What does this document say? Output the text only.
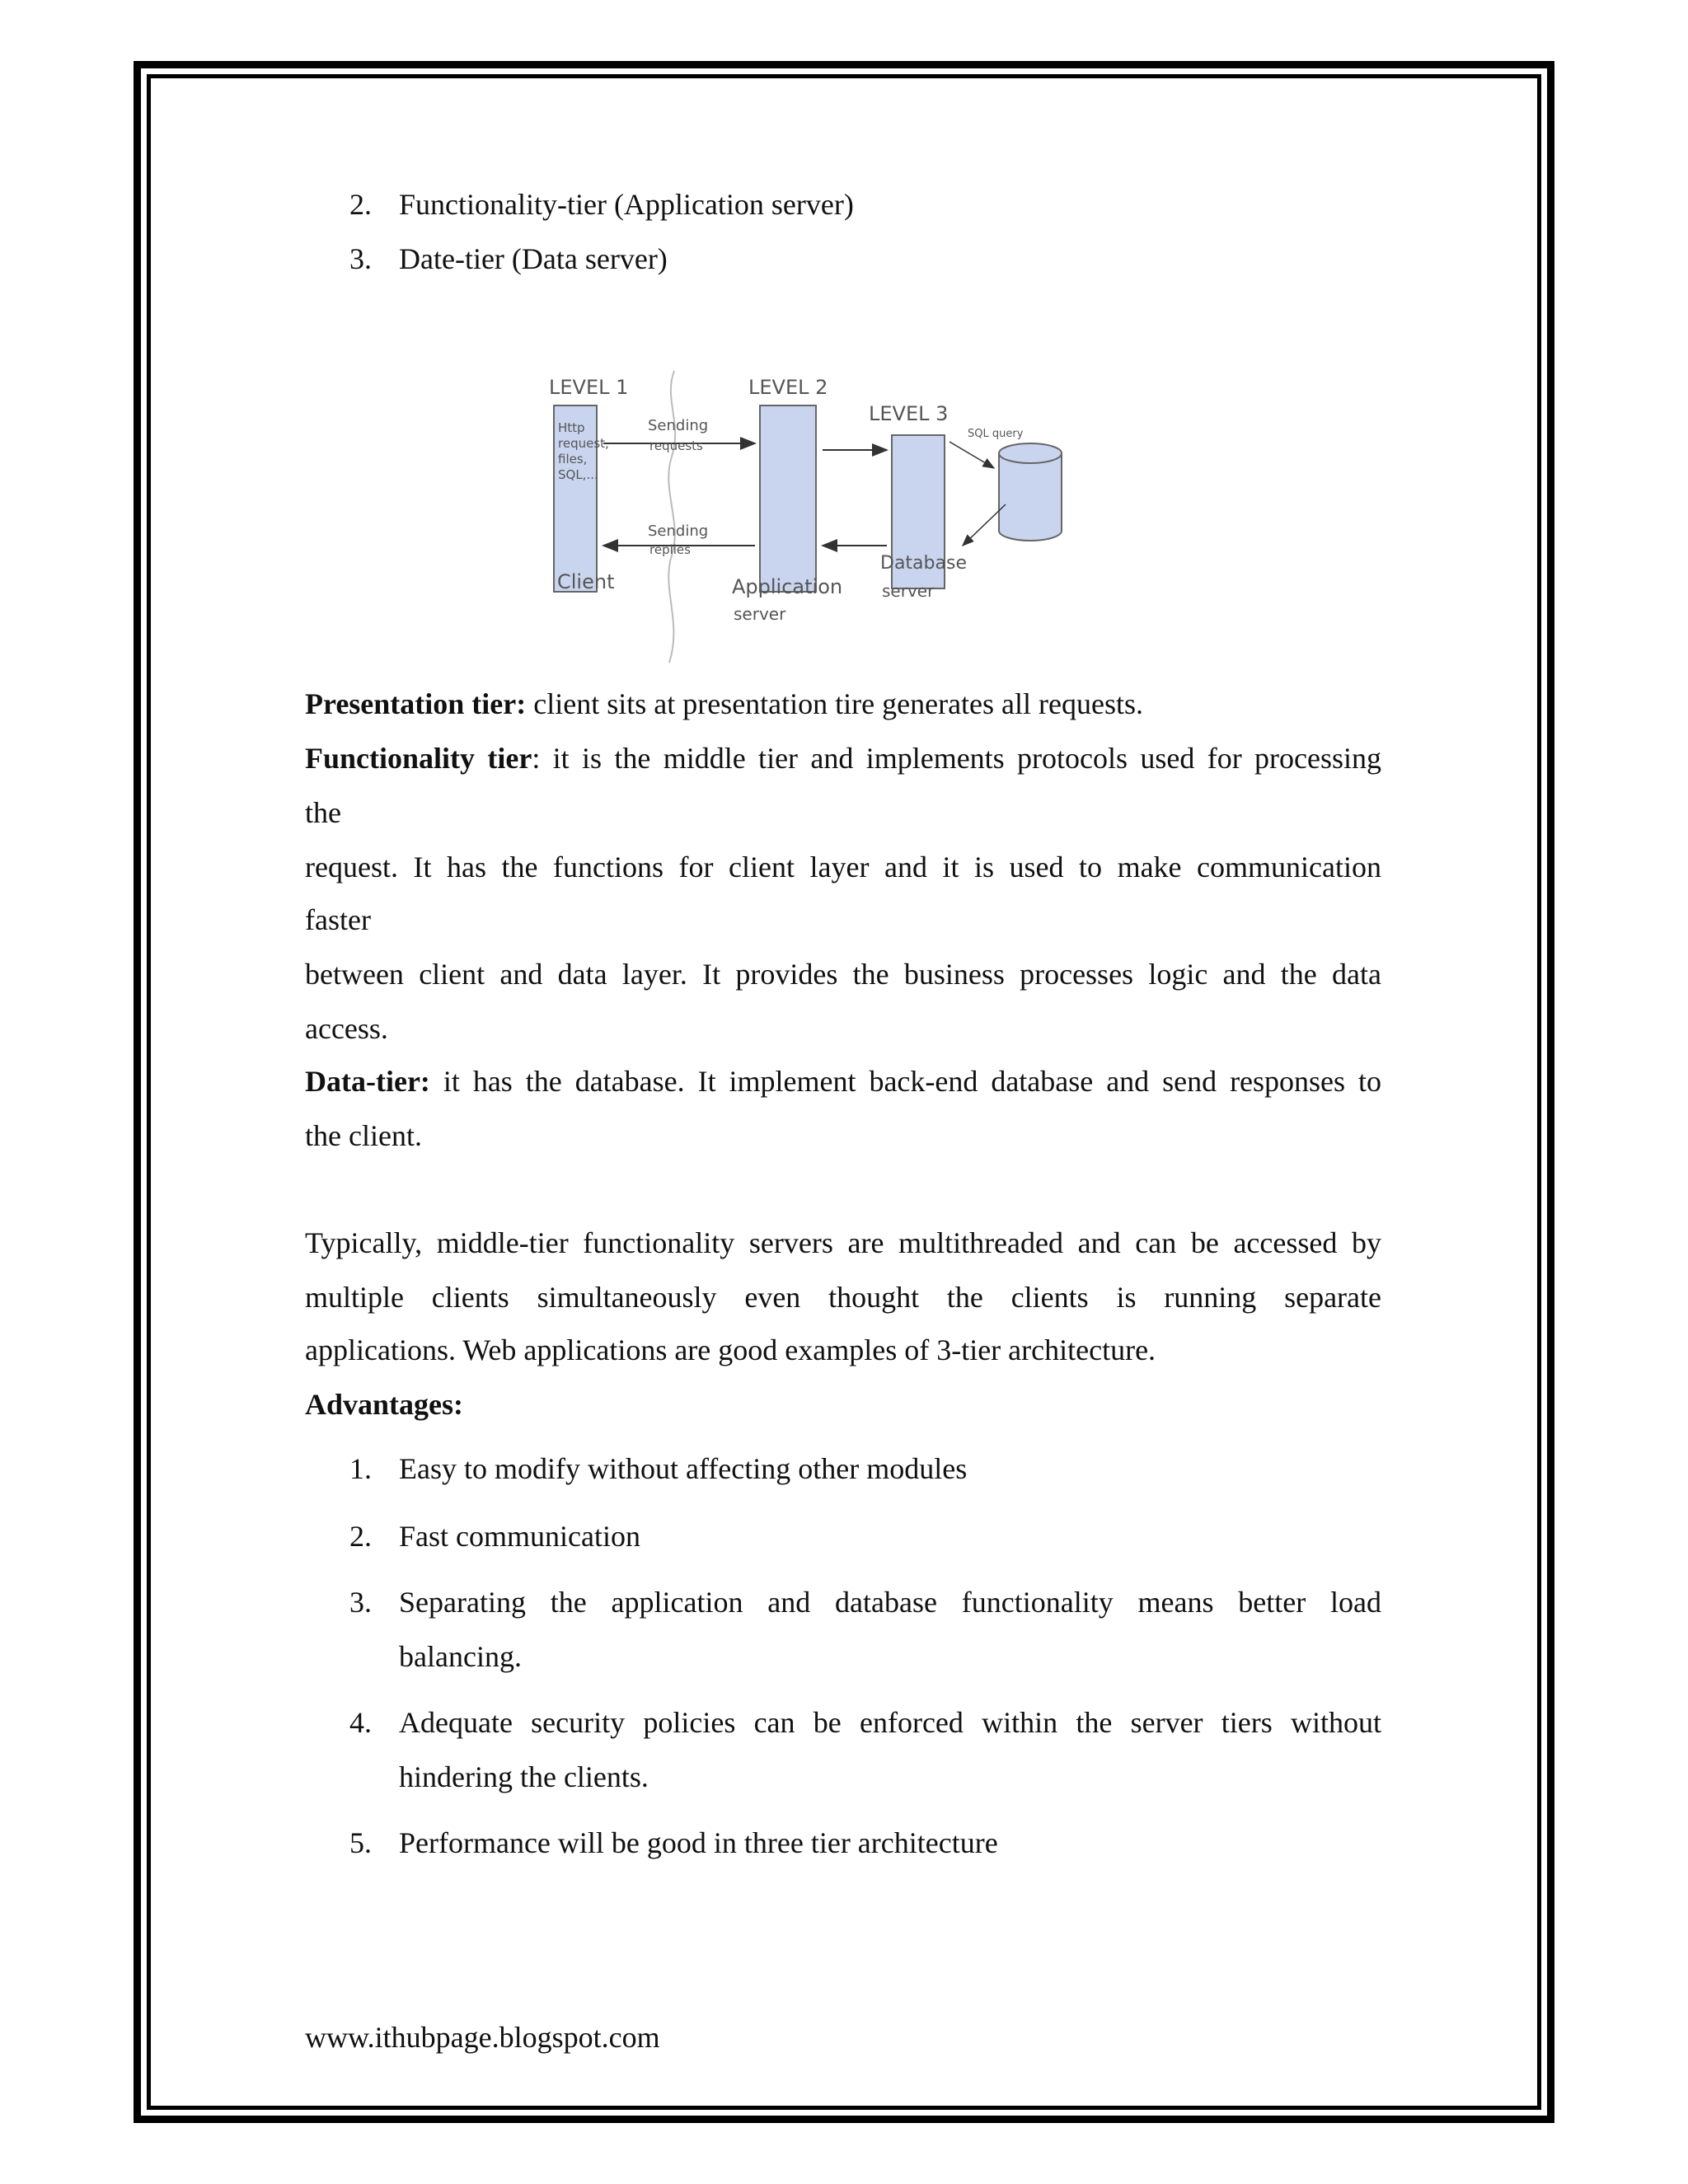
2. Functionality-tier (Application server)
3. Date-tier (Data server)
LEVEL 1	LEVEL 2
LEVEL 3
Http
request,
files,
SQL,...
Sending
requests
Sending
replies
SQL query
Client	Application
server
Database
server
Presentation tier: client sits at presentation tire generates all requests.
Functionality tier: it is the middle tier and implements protocols used for processing
the
request. It has the functions for client layer and it is used to make communication
faster
between client and data layer. It provides the business processes logic and the data
access.
Data-tier: it has the database. It implement back-end database and send responses to
the client.
Typically, middle-tier functionality servers are multithreaded and can be accessed by
multiple clients simultaneously even thought the clients is running separate
applications. Web applications are good examples of 3-tier architecture.
Advantages:
1. Easy to modify without affecting other modules
2. Fast communication
3. Separating the application and database functionality means better load
balancing.
4. Adequate security policies can be enforced within the server tiers without
hindering the clients.
5. Performance will be good in three tier architecture
www.ithubpage.blogspot.com
